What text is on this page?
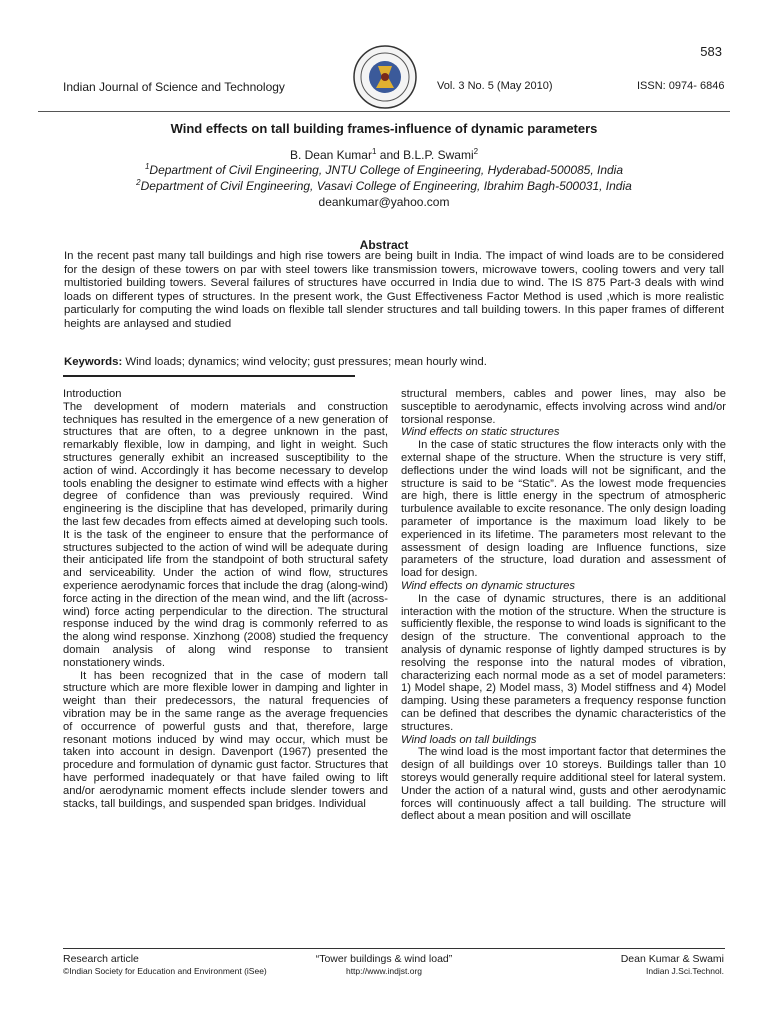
583
Indian Journal of Science and Technology	Vol. 3 No. 5 (May 2010)	ISSN: 0974- 6846
Wind effects on tall building frames-influence of dynamic parameters
B. Dean Kumar$^1$ and B.L.P. Swami$^2$
$^1$Department of Civil Engineering, JNTU College of Engineering, Hyderabad-500085, India
$^2$Department of Civil Engineering, Vasavi College of Engineering, Ibrahim Bagh-500031, India
deankumar@yahoo.com
Abstract
In the recent past many tall buildings and high rise towers are being built in India. The impact of wind loads are to be considered for the design of these towers on par with steel towers like transmission towers, microwave towers, cooling towers and very tall multistoried building towers. Several failures of structures have occurred in India due to wind. The IS 875 Part-3 deals with wind loads on different types of structures. In the present work, the Gust Effectiveness Factor Method is used ,which is more realistic particularly for computing the wind loads on flexible tall slender structures and tall building towers. In this paper frames of different heights are anlaysed and studied
Keywords: Wind loads; dynamics; wind velocity; gust pressures; mean hourly wind.

Introduction

The development of modern materials and construction techniques has resulted in the emergence of a new generation of structures that are often, to a degree unknown in the past, remarkably flexible, low in damping, and light in weight. Such structures generally exhibit an increased susceptibility to the action of wind. Accordingly it has become necessary to develop tools enabling the designer to estimate wind effects with a higher degree of confidence than was previously required. Wind engineering is the discipline that has developed, primarily during the last few decades from effects aimed at developing such tools. It is the task of the engineer to ensure that the performance of structures subjected to the action of wind will be adequate during their anticipated life from the standpoint of both structural safety and serviceability. Under the action of wind flow, structures experience aerodynamic forces that include the drag (along-wind) force acting in the direction of the mean wind, and the lift (across-wind) force acting perpendicular to the direction. The structural response induced by the wind drag is commonly referred to as the along wind response. Xinzhong (2008) studied the frequency domain analysis of along wind response to transient nonstationery winds.

It has been recognized that in the case of modern tall structure which are more flexible lower in damping and lighter in weight than their predecessors, the natural frequencies of vibration may be in the same range as the average frequencies of occurrence of powerful gusts and that, therefore, large resonant motions induced by wind may occur, which must be taken into account in design. Davenport (1967) presented the procedure and formulation of dynamic gust factor. Structures that have performed inadequately or that have failed owing to lift and/or aerodynamic moment effects include slender towers and stacks, tall buildings, and suspended span bridges. Individual

structural members, cables and power lines, may also be susceptible to aerodynamic, effects involving across wind and/or torsional response.

Wind effects on static structures

In the case of static structures the flow interacts only with the external shape of the structure. When the structure is very stiff, deflections under the wind loads will not be significant, and the structure is said to be “Static”. As the lowest mode frequencies are high, there is little energy in the spectrum of atmospheric turbulence available to excite resonance. The only design loading parameter of importance is the maximum load likely to be experienced in its lifetime. The parameters most relevant to the assessment of design loading are Influence functions, size parameters of the structure, load duration and assessment of load for design.

Wind effects on dynamic structures

In the case of dynamic structures, there is an additional interaction with the motion of the structure. When the structure is sufficiently flexible, the response to wind loads is significant to the design of the structure. The conventional approach to the analysis of dynamic response of lightly damped structures is by resolving the response into the natural modes of vibration, characterizing each normal mode as a set of model parameters: 1) Model shape, 2) Model mass, 3) Model stiffness and 4) Model damping. Using these parameters a frequency response function can be defined that describes the dynamic characteristics of the structures.

Wind loads on tall buildings

The wind load is the most important factor that determines the design of all buildings over 10 storeys. Buildings taller than 10 storeys would generally require additional steel for lateral system. Under the action of a natural wind, gusts and other aerodynamic forces will continuously affect a tall building. The structure will deflect about a mean position and will oscillate

Research article
©Indian Society for Education and Environment (iSee)
“Tower buildings & wind load”
http://www.indjst.org
Dean Kumar & Swami
Indian J.Sci.Technol.
